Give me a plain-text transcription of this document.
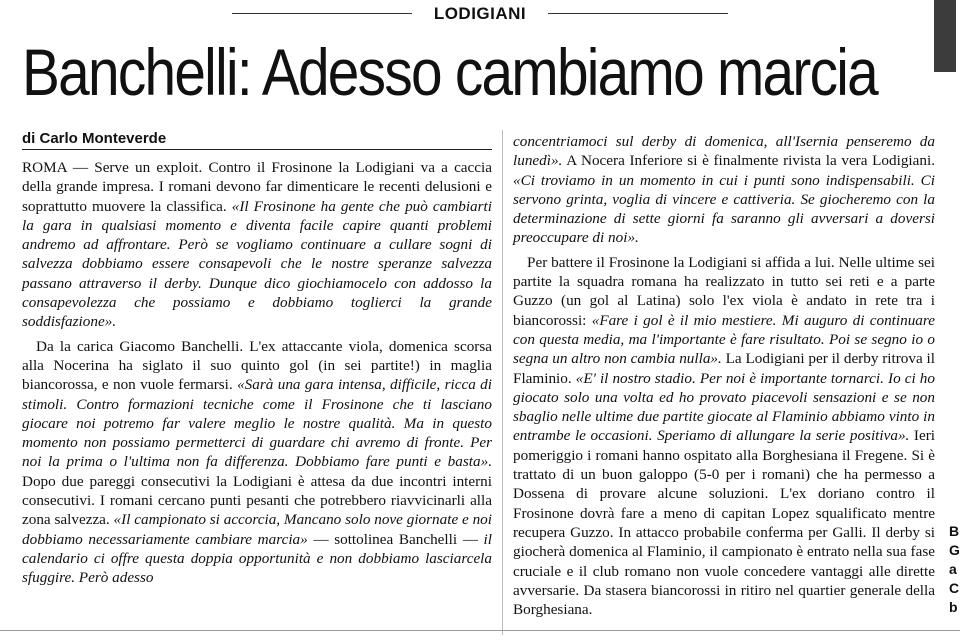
LODIGIANI
Banchelli: Adesso cambiamo marcia
di Carlo Monteverde

ROMA — Serve un exploit. Contro il Frosinone la Lodigiani va a caccia della grande impresa. I romani devono far dimenticare le recenti delusioni e soprattutto muovere la classifica. «Il Frosinone ha gente che può cambiarti la gara in qualsiasi momento e diventa facile capire quanti problemi andremo ad affrontare. Però se vogliamo continuare a cullare sogni di salvezza dobbiamo essere consapevoli che le nostre speranze salvezza passano attraverso il derby. Dunque dico giochiamocelo con addosso la consapevolezza che possiamo e dobbiamo toglierci la grande soddisfazione».

Da la carica Giacomo Banchelli. L'ex attaccante viola, domenica scorsa alla Nocerina ha siglato il suo quinto gol (in sei partite!) in maglia biancorossa, e non vuole fermarsi. «Sarà una gara intensa, difficile, ricca di stimoli. Contro formazioni tecniche come il Frosinone che ti lasciano giocare noi potremo far valere meglio le nostre qualità. Ma in questo momento non possiamo permetterci di guardare chi avremo di fronte. Per noi la prima o l'ultima non fa differenza. Dobbiamo fare punti e basta». Dopo due pareggi consecutivi la Lodigiani è attesa da due incontri interni consecutivi. I romani cercano punti pesanti che potrebbero riavvicinarli alla zona salvezza. «Il campionato si accorcia, Mancano solo nove giornate e noi dobbiamo necessariamente cambiare marcia» — sottolinea Banchelli — il calendario ci offre questa doppia opportunità e non dobbiamo lasciarcela sfuggire. Però adesso

concentriamoci sul derby di domenica, all'Isernia penseremo da lunedì». A Nocera Inferiore si è finalmente rivista la vera Lodigiani. «Ci troviamo in un momento in cui i punti sono indispensabili. Ci servono grinta, voglia di vincere e cattiveria. Se giocheremo con la determinazione di sette giorni fa saranno gli avversari a doversi preoccupare di noi».

Per battere il Frosinone la Lodigiani si affida a lui. Nelle ultime sei partite la squadra romana ha realizzato in tutto sei reti e a parte Guzzo (un gol al Latina) solo l'ex viola è andato in rete tra i biancorossi: «Fare i gol è il mio mestiere. Mi auguro di continuare con questa media, ma l'importante è fare risultato. Poi se segno io o segna un altro non cambia nulla». La Lodigiani per il derby ritrova il Flaminio. «E' il nostro stadio. Per noi è importante tornarci. Io ci ho giocato solo una volta ed ho provato piacevoli sensazioni e se non sbaglio nelle ultime due partite giocate al Flaminio abbiamo vinto in entrambe le occasioni. Speriamo di allungare la serie positiva». Ieri pomeriggio i romani hanno ospitato alla Borghesiana il Fregene. Si è trattato di un buon galoppo (5-0 per i romani) che ha permesso a Dossena di provare alcune soluzioni. L'ex doriano contro il Frosinone dovrà fare a meno di capitan Lopez squalificato mentre recupera Guzzo. In attacco probabile conferma per Galli. Il derby si giocherà domenica al Flaminio, il campionato è entrato nella sua fase cruciale e il club romano non vuole concedere vantaggi alle dirette avversarie. Da stasera biancorossi in ritiro nel quartier generale della Borghesiana.

B
G
a
C
b
